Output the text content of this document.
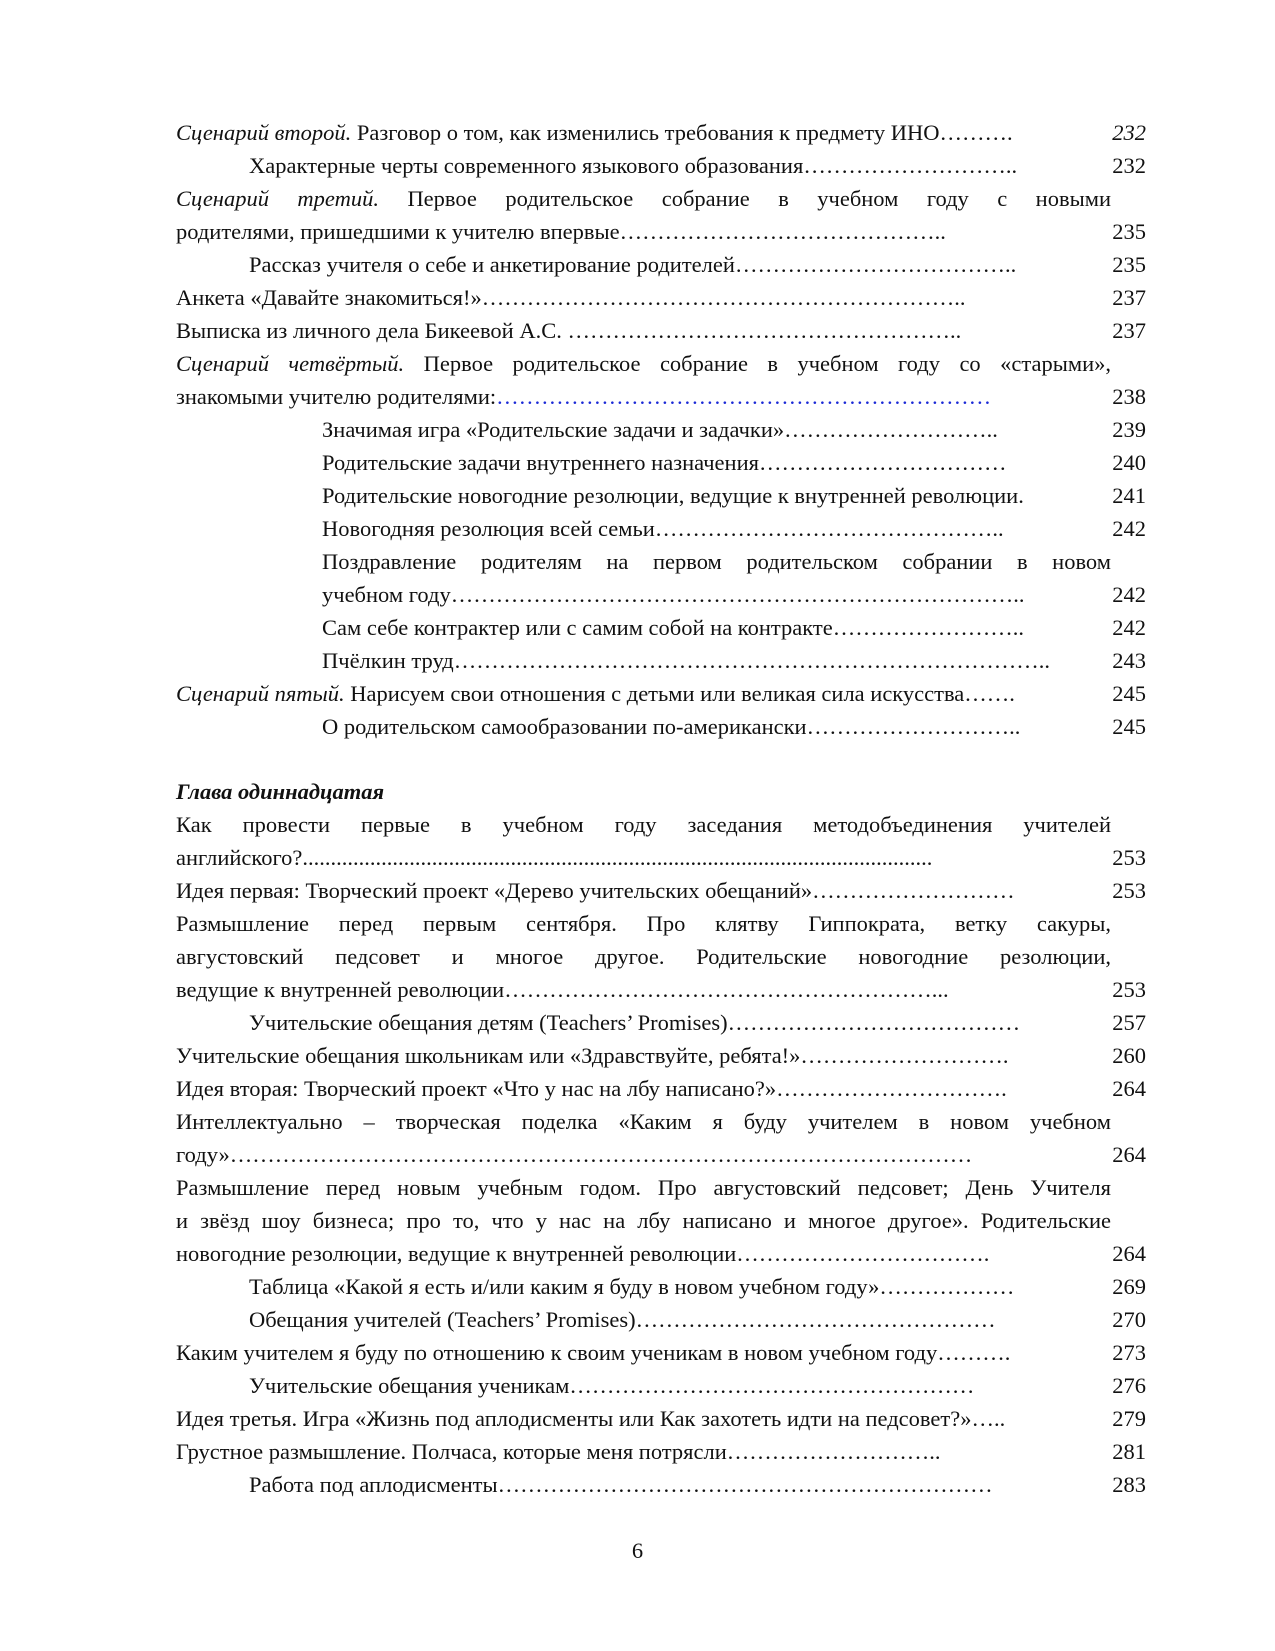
Сценарий второй. Разговор о том, как изменились требования к предмету ИНО……….	232
Характерные черты современного языкового образования………………………..	232
Сценарий третий. Первое родительское собрание в учебном году с новыми
родителями, пришедшими к учителю впервые……………………………………..	235
Рассказ учителя о себе и анкетирование родителей………………………………..	235
Анкета «Давайте знакомиться!»………………………………………………………..	237
Выписка из личного дела Бикеевой А.С. ……………………………………………..	237
Сценарий четвёртый. Первое родительское собрание в учебном году со «старыми»,
знакомыми учителю родителями:…………………………………………………………	238
Значимая игра «Родительские задачи и задачки»………………………..	239
Родительские задачи внутреннего назначения……………………………	240
Родительские новогодние резолюции, ведущие к внутренней революции.	241
Новогодняя резолюция всей семьи………………………………………..	242
Поздравление родителям на первом родительском собрании в новом
учебном году…………………………………………………………………..	242
Сам себе контрактер или с самим собой на контракте……………………..	242
Пчёлкин труд……………………………………………………………………..	243
Сценарий пятый. Нарисуем свои отношения с детьми или великая сила искусства…….	245
О родительском самообразовании по-американски………………………..	245
Глава одиннадцатая
Как провести первые в учебном году заседания методобъединения учителей
английского?................................................................................................................	253
Идея первая: Творческий проект «Дерево учительских обещаний»………………………	253
Размышление перед первым сентября. Про клятву Гиппократа, ветку сакуры,
августовский педсовет и многое другое. Родительские новогодние резолюции,
ведущие к внутренней революции…………………………………………………...	253
Учительские обещания детям (Teachers’ Promises)…………………………………	257
Учительские обещания школьникам или «Здравствуйте, ребята!»……………………….	260
Идея вторая: Творческий проект «Что у нас на лбу написано?»………………………….	264
Интеллектуально – творческая поделка «Каким я буду учителем в новом учебном
году»………………………………………………………………………………………	264
Размышление перед новым учебным годом. Про августовский педсовет; День Учителя
и звёзд шоу бизнеса; про то, что у нас на лбу написано и многое другое». Родительские
новогодние резолюции, ведущие к внутренней революции…………………………….	264
Таблица «Какой я есть и/или каким я буду в новом учебном году»………………	269
Обещания учителей (Teachers’ Promises)…………………………………………	270
Каким учителем я буду по отношению к своим ученикам в новом учебном году……….	273
Учительские обещания ученикам………………………………………………	276
Идея третья. Игра «Жизнь под аплодисменты или Как захотеть идти на педсовет?»…..	279
Грустное размышление. Полчаса, которые меня потрясли………………………..	281
Работа под аплодисменты…………………………………………………………	283
6
